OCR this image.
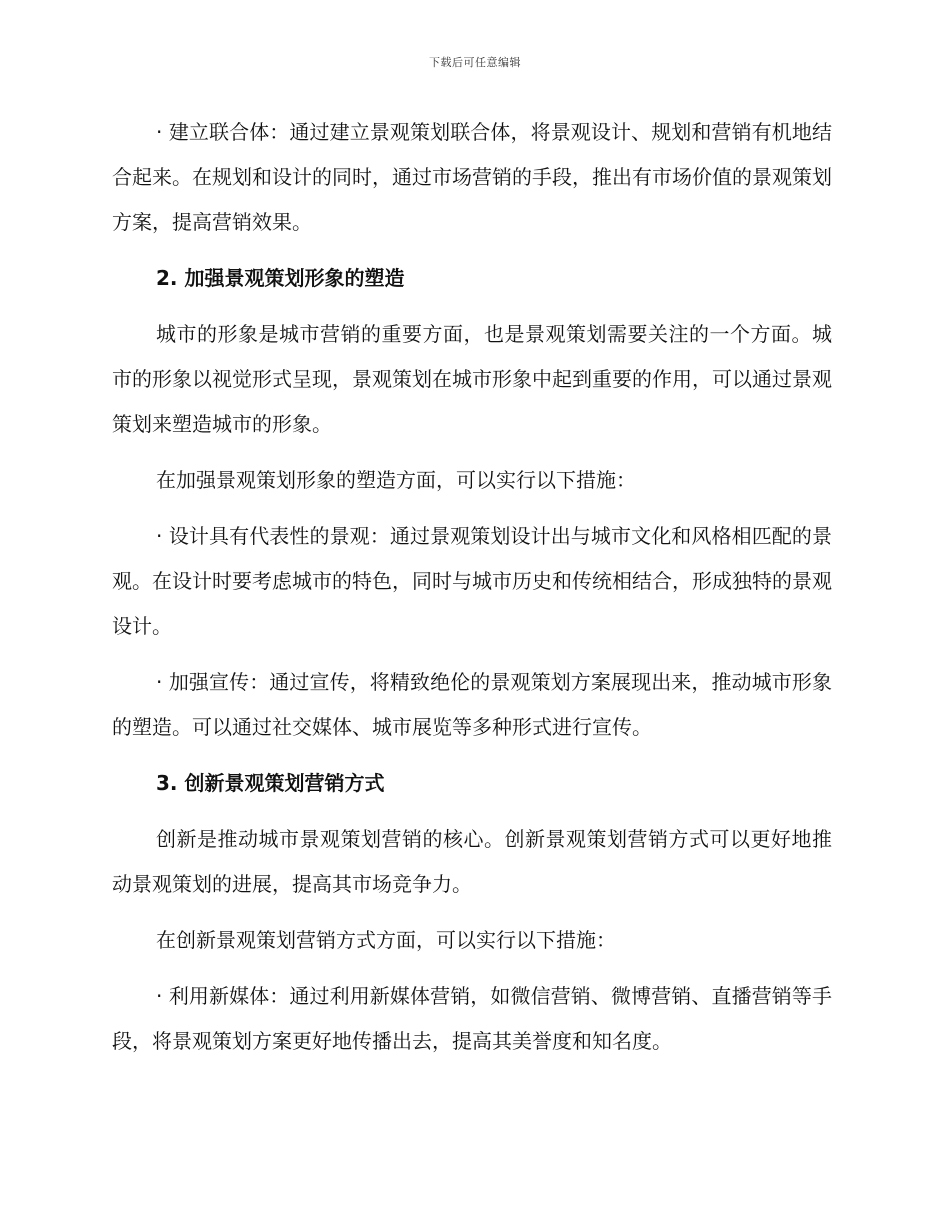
下载后可任意编辑

· 建立联合体：通过建立景观策划联合体，将景观设计、规划和营销有机地结合起来。在规划和设计的同时，通过市场营销的手段，推出有市场价值的景观策划方案，提高营销效果。

2. 加强景观策划形象的塑造

城市的形象是城市营销的重要方面，也是景观策划需要关注的一个方面。城市的形象以视觉形式呈现，景观策划在城市形象中起到重要的作用，可以通过景观策划来塑造城市的形象。

在加强景观策划形象的塑造方面，可以实行以下措施：

· 设计具有代表性的景观：通过景观策划设计出与城市文化和风格相匹配的景观。在设计时要考虑城市的特色，同时与城市历史和传统相结合，形成独特的景观设计。

· 加强宣传：通过宣传，将精致绝伦的景观策划方案展现出来，推动城市形象的塑造。可以通过社交媒体、城市展览等多种形式进行宣传。

3. 创新景观策划营销方式

创新是推动城市景观策划营销的核心。创新景观策划营销方式可以更好地推动景观策划的进展，提高其市场竞争力。

在创新景观策划营销方式方面，可以实行以下措施：

· 利用新媒体：通过利用新媒体营销，如微信营销、微博营销、直播营销等手段，将景观策划方案更好地传播出去，提高其美誉度和知名度。
